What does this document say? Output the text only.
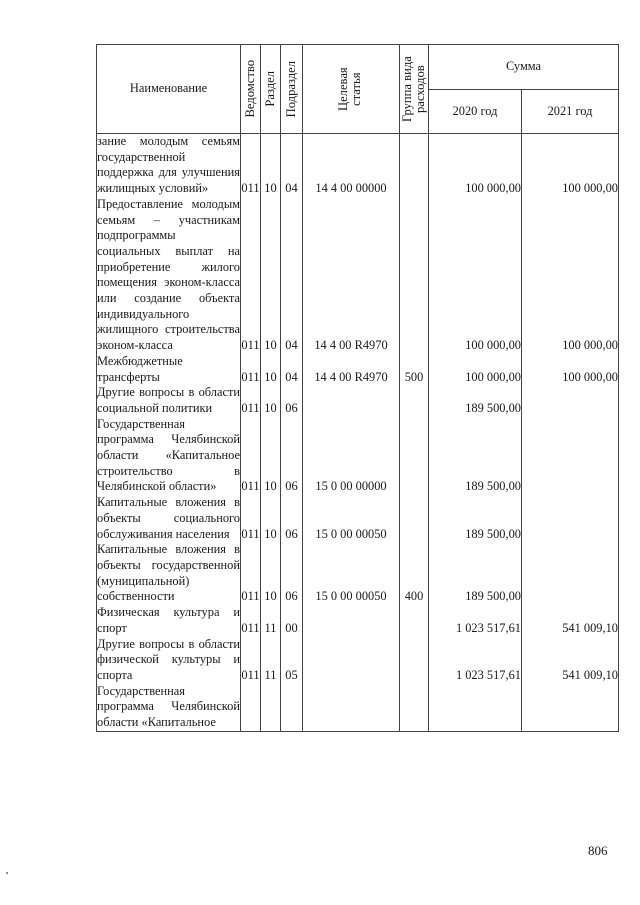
Наименование	Ведомство	Раздел	Подраздел	Целевая статья	Группа вида расходов	Сумма	
						2020 год	2021 год
зание молодым семьям государственной поддержка для улучшения жилищных условий»	011	10	04	14 4 00 00000		100 000,00	100 000,00
Предоставление молодым семьям – участникам подпрограммы социальных выплат на приобретение жилого помещения эконом-класса или создание объекта индивидуального жилищного строительства эконом-класса	011	10	04	14 4 00 R4970		100 000,00	100 000,00
Межбюджетные трансферты	011	10	04	14 4 00 R4970	500	100 000,00	100 000,00
Другие вопросы в области социальной политики	011	10	06			189 500,00	
Государственная программа Челябинской области «Капитальное строительство в Челябинской области»	011	10	06	15 0 00 00000		189 500,00	
Капитальные вложения в объекты социального обслуживания населения	011	10	06	15 0 00 00050		189 500,00	
Капитальные вложения в объекты государственной (муниципальной) собственности	011	10	06	15 0 00 00050	400	189 500,00	
Физическая культура и спорт	011	11	00			1 023 517,61	541 009,10
Другие вопросы в области физической культуры и спорта	011	11	05			1 023 517,61	541 009,10
Государственная программа Челябинской области «Капитальное							
806
